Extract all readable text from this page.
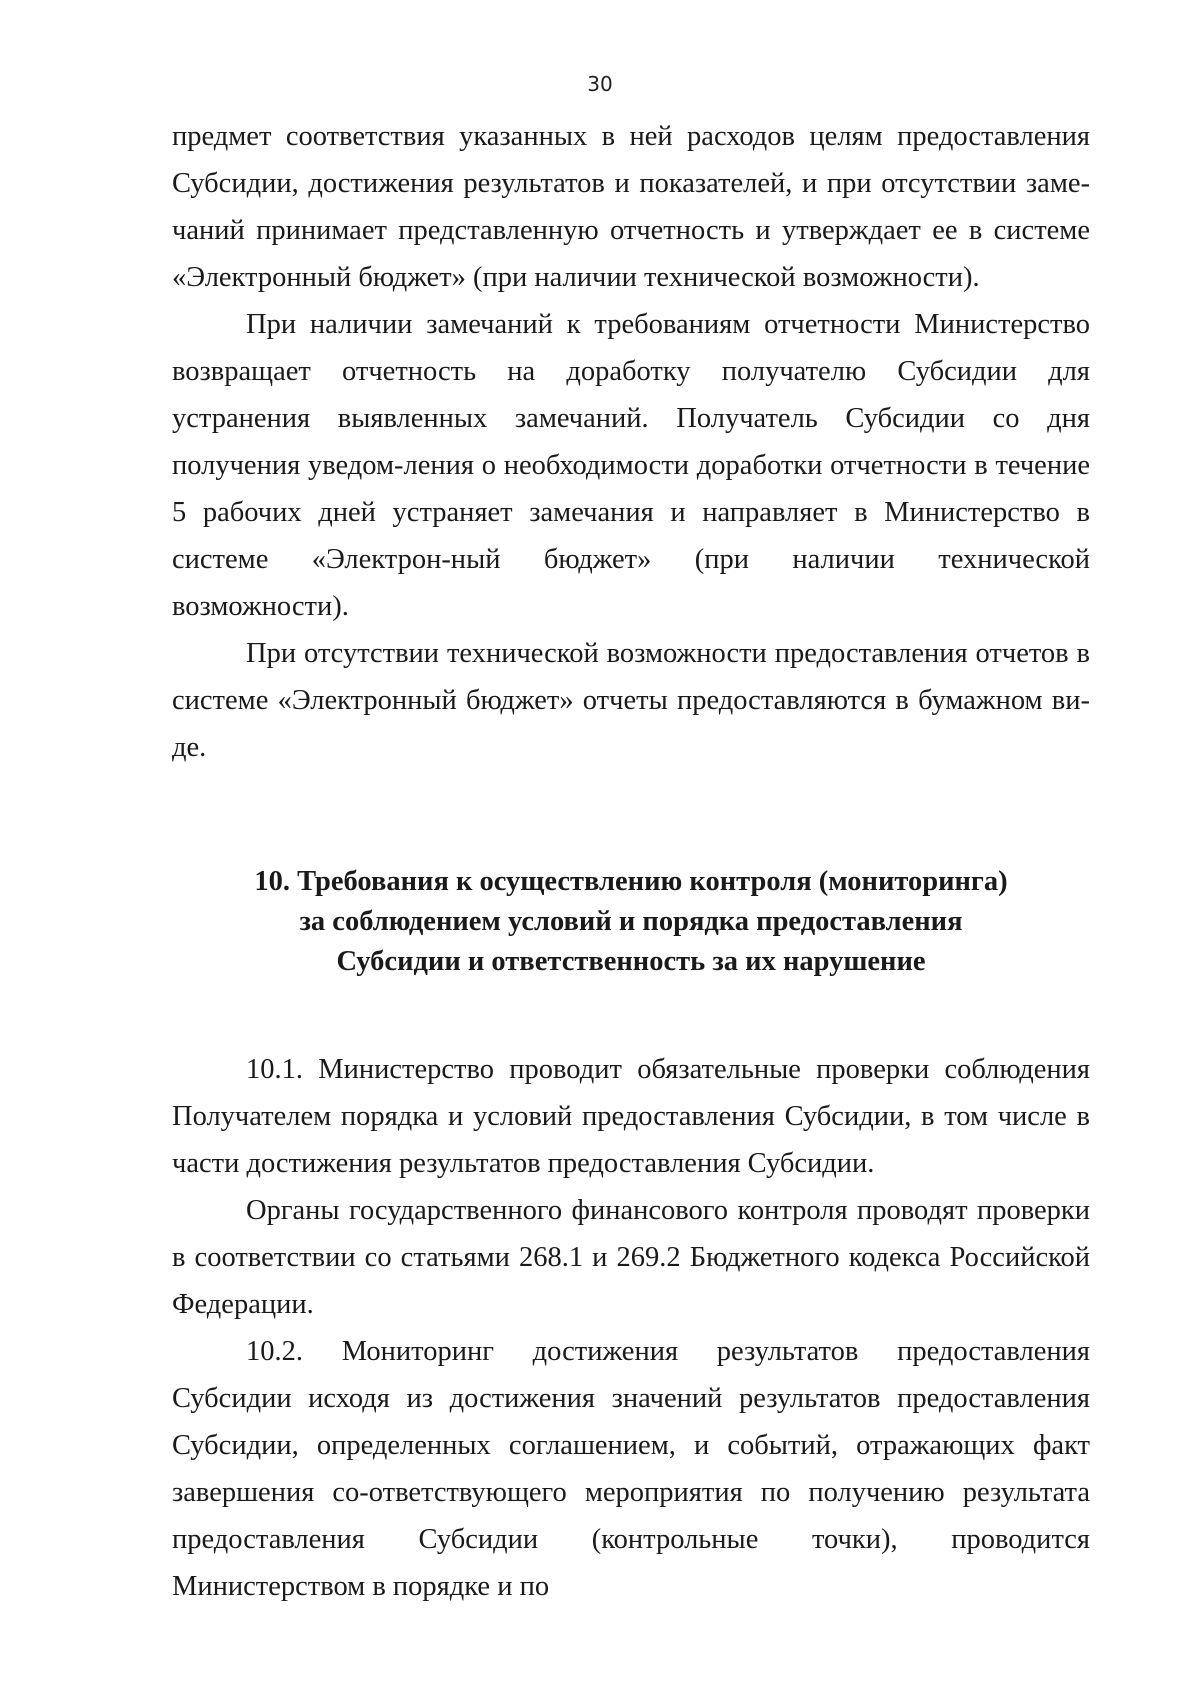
30

предмет соответствия указанных в ней расходов целям предоставления Субсидии, достижения результатов и показателей, и при отсутствии заме-чаний принимает представленную отчетность и утверждает ее в системе «Электронный бюджет» (при наличии технической возможности).

При наличии замечаний к требованиям отчетности Министерство возвращает отчетность на доработку получателю Субсидии для устранения выявленных замечаний. Получатель Субсидии со дня получения уведом-ления о необходимости доработки отчетности в течение 5 рабочих дней устраняет замечания и направляет в Министерство в системе «Электрон-ный бюджет» (при наличии технической возможности).

При отсутствии технической возможности предоставления отчетов в системе «Электронный бюджет» отчеты предоставляются в бумажном ви-де.

10. Требования к осуществлению контроля (мониторинга)
за соблюдением условий и порядка предоставления
Субсидии и ответственность за их нарушение

10.1. Министерство проводит обязательные проверки соблюдения Получателем порядка и условий предоставления Субсидии, в том числе в части достижения результатов предоставления Субсидии.

Органы государственного финансового контроля проводят проверки в соответствии со статьями 268.1 и 269.2 Бюджетного кодекса Российской Федерации.

10.2. Мониторинг достижения результатов предоставления Субсидии исходя из достижения значений результатов предоставления Субсидии, определенных соглашением, и событий, отражающих факт завершения со-ответствующего мероприятия по получению результата предоставления Субсидии (контрольные точки), проводится Министерством в порядке и по
